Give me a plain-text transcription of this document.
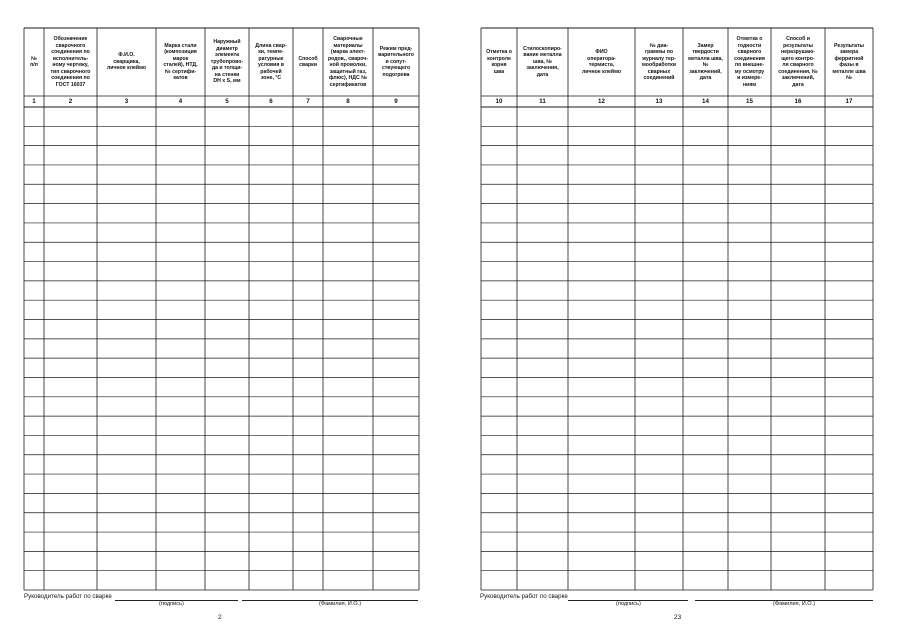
№
п/п
1
Обозначение
сварочного
соединения по
исполнитель-
ному чертежу,
тип сварочного
соединения по
ГОСТ 16037
2
Ф.И.О.
сварщика,
личное клеймо
3
Марка стали
(композиция
марок
сталей), НТД,
№ сертифи-
катов
4
Наружный
диаметр
элемента
трубопрово-
да и толщи-
на стенки
DH x S, мм
5
Длина свар-
ки, темпе-
ратурные
условия в
рабочей
зоне, °С
6
Способ
сварки
7
Сварочные
материалы
(марка элект-
родов,, свароч-
ной проволки,
защитный газ,
флюс), НДС №
сертификатов
8
Режим пред-
варительного
и сопут-
ствующего
подогрева
9
Руководитель работ по сварке
(подпись)	(Фамилия, И.О.)
2
Отметка о
контроле
корня
шва
10
Стилоскопиро-
вание металла
шва, №
заключения,
дата
11
ФИО
оператора-
термиста,
личное клеймо
12
№ диа-
граммы по
журналу тер-
мообработки
сварных
соединений
13
Замер
твердости
металла шва,
№
заключений,
дата
14
Отметка о
годности
сварного
соединения
по внешне-
му осмотру
и измере-
ниям
15
Способ и
результаты
неразрушаю-
щего контро-
ля сварного
соединения, №
заключений,
дата
16
Результаты
замера
ферритной
фазы в
металле шва
№
17
Руководитель работ по сварке
(подпись)	(Фамилия, И.О.)
23
